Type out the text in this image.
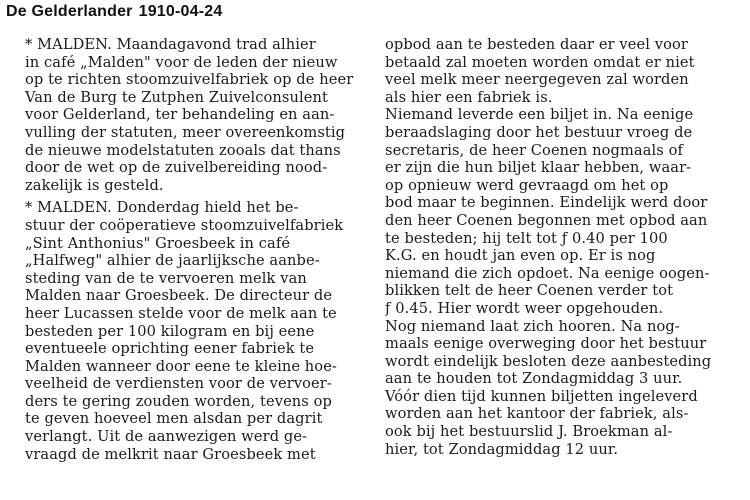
De Gelderlander 1910-04-24
* MALDEN. Maandagavond trad alhier
in café „Malden" voor de leden der nieuw
op te richten stoomzuivelfabriek op de heer
Van de Burg te Zutphen Zuivelconsulent
voor Gelderland, ter behandeling en aan-
vulling der statuten, meer overeenkomstig
de nieuwe modelstatuten zooals dat thans
door de wet op de zuivelbereiding nood-
zakelijk is gesteld.
* MALDEN. Donderdag hield het be-
stuur der coöperatieve stoomzuivelfabriek
„Sint Anthonius" Groesbeek in café
„Halfweg" alhier de jaarlijksche aanbe-
steding van de te vervoeren melk van
Malden naar Groesbeek. De directeur de
heer Lucassen stelde voor de melk aan te
besteden per 100 kilogram en bij eene
eventueele oprichting eener fabriek te
Malden wanneer door eene te kleine hoe-
veelheid de verdiensten voor de vervoer-
ders te gering zouden worden, tevens op
te geven hoeveel men alsdan per dagrit
verlangt. Uit de aanwezigen werd ge-
vraagd de melkrit naar Groesbeek met
opbod aan te besteden daar er veel voor
betaald zal moeten worden omdat er niet
veel melk meer neergegeven zal worden
als hier een fabriek is.
Niemand leverde een biljet in. Na eenige
beraadslaging door het bestuur vroeg de
secretaris, de heer Coenen nogmaals of
er zijn die hun biljet klaar hebben, waar-
op opnieuw werd gevraagd om het op
bod maar te beginnen. Eindelijk werd door
den heer Coenen begonnen met opbod aan
te besteden; hij telt tot ƒ 0.40 per 100
K.G. en houdt jan even op. Er is nog
niemand die zich opdoet. Na eenige oogen-
blikken telt de heer Coenen verder tot
ƒ 0.45. Hier wordt weer opgehouden.
Nog niemand laat zich hooren. Na nog-
maals eenige overweging door het bestuur
wordt eindelijk besloten deze aanbesteding
aan te houden tot Zondagmiddag 3 uur.
Vóór dien tijd kunnen biljetten ingeleverd
worden aan het kantoor der fabriek, als-
ook bij het bestuurslid J. Broekman al-
hier, tot Zondagmiddag 12 uur.
